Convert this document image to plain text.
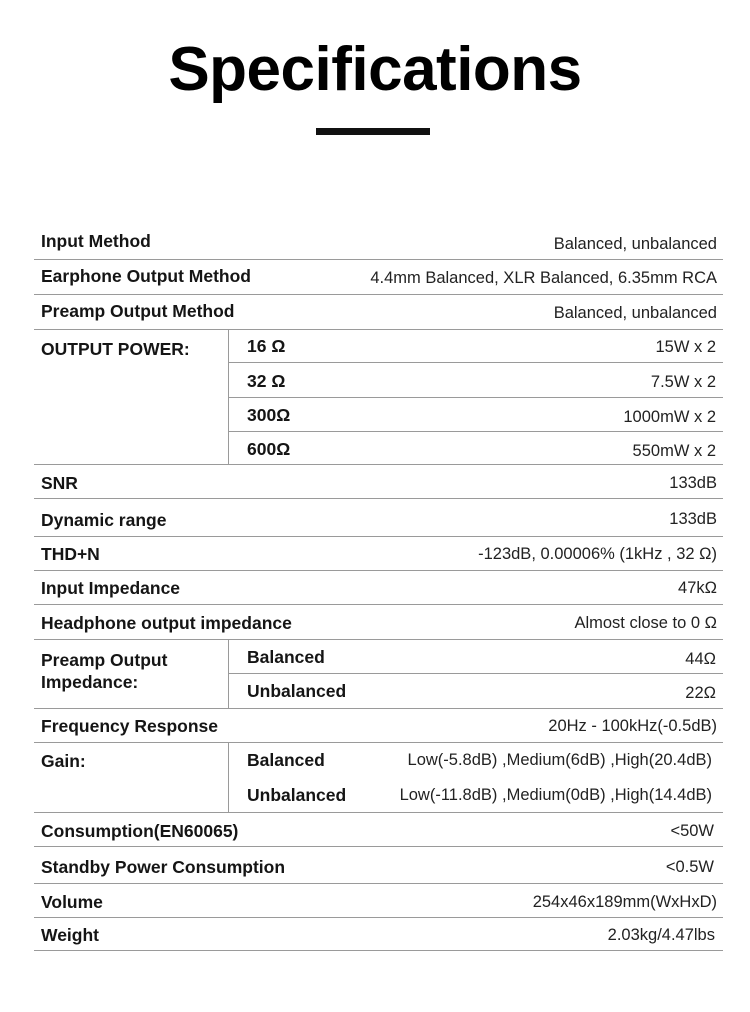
Specifications
Input Method	Balanced, unbalanced
Earphone Output Method	4.4mm Balanced, XLR Balanced, 6.35mm RCA
Preamp Output Method	Balanced, unbalanced
OUTPUT POWER:	16 Ω	15W x 2
32 Ω	7.5W x 2
300Ω	1000mW x 2
600Ω	550mW x 2
SNR	133dB
Dynamic range	133dB
THD+N	-123dB, 0.00006% (1kHz , 32 Ω)
Input Impedance	47kΩ
Headphone output impedance	Almost close to 0 Ω
Preamp Output
Impedance:
Balanced	44Ω
Unbalanced	22Ω
Frequency Response	20Hz - 100kHz(-0.5dB)
Gain:	Balanced	Low(-5.8dB) ,Medium(6dB) ,High(20.4dB)
Unbalanced	Low(-11.8dB) ,Medium(0dB) ,High(14.4dB)
Consumption(EN60065)	<50W
Standby Power Consumption	<0.5W
Volume	254x46x189mm(WxHxD)
Weight	2.03kg/4.47lbs
